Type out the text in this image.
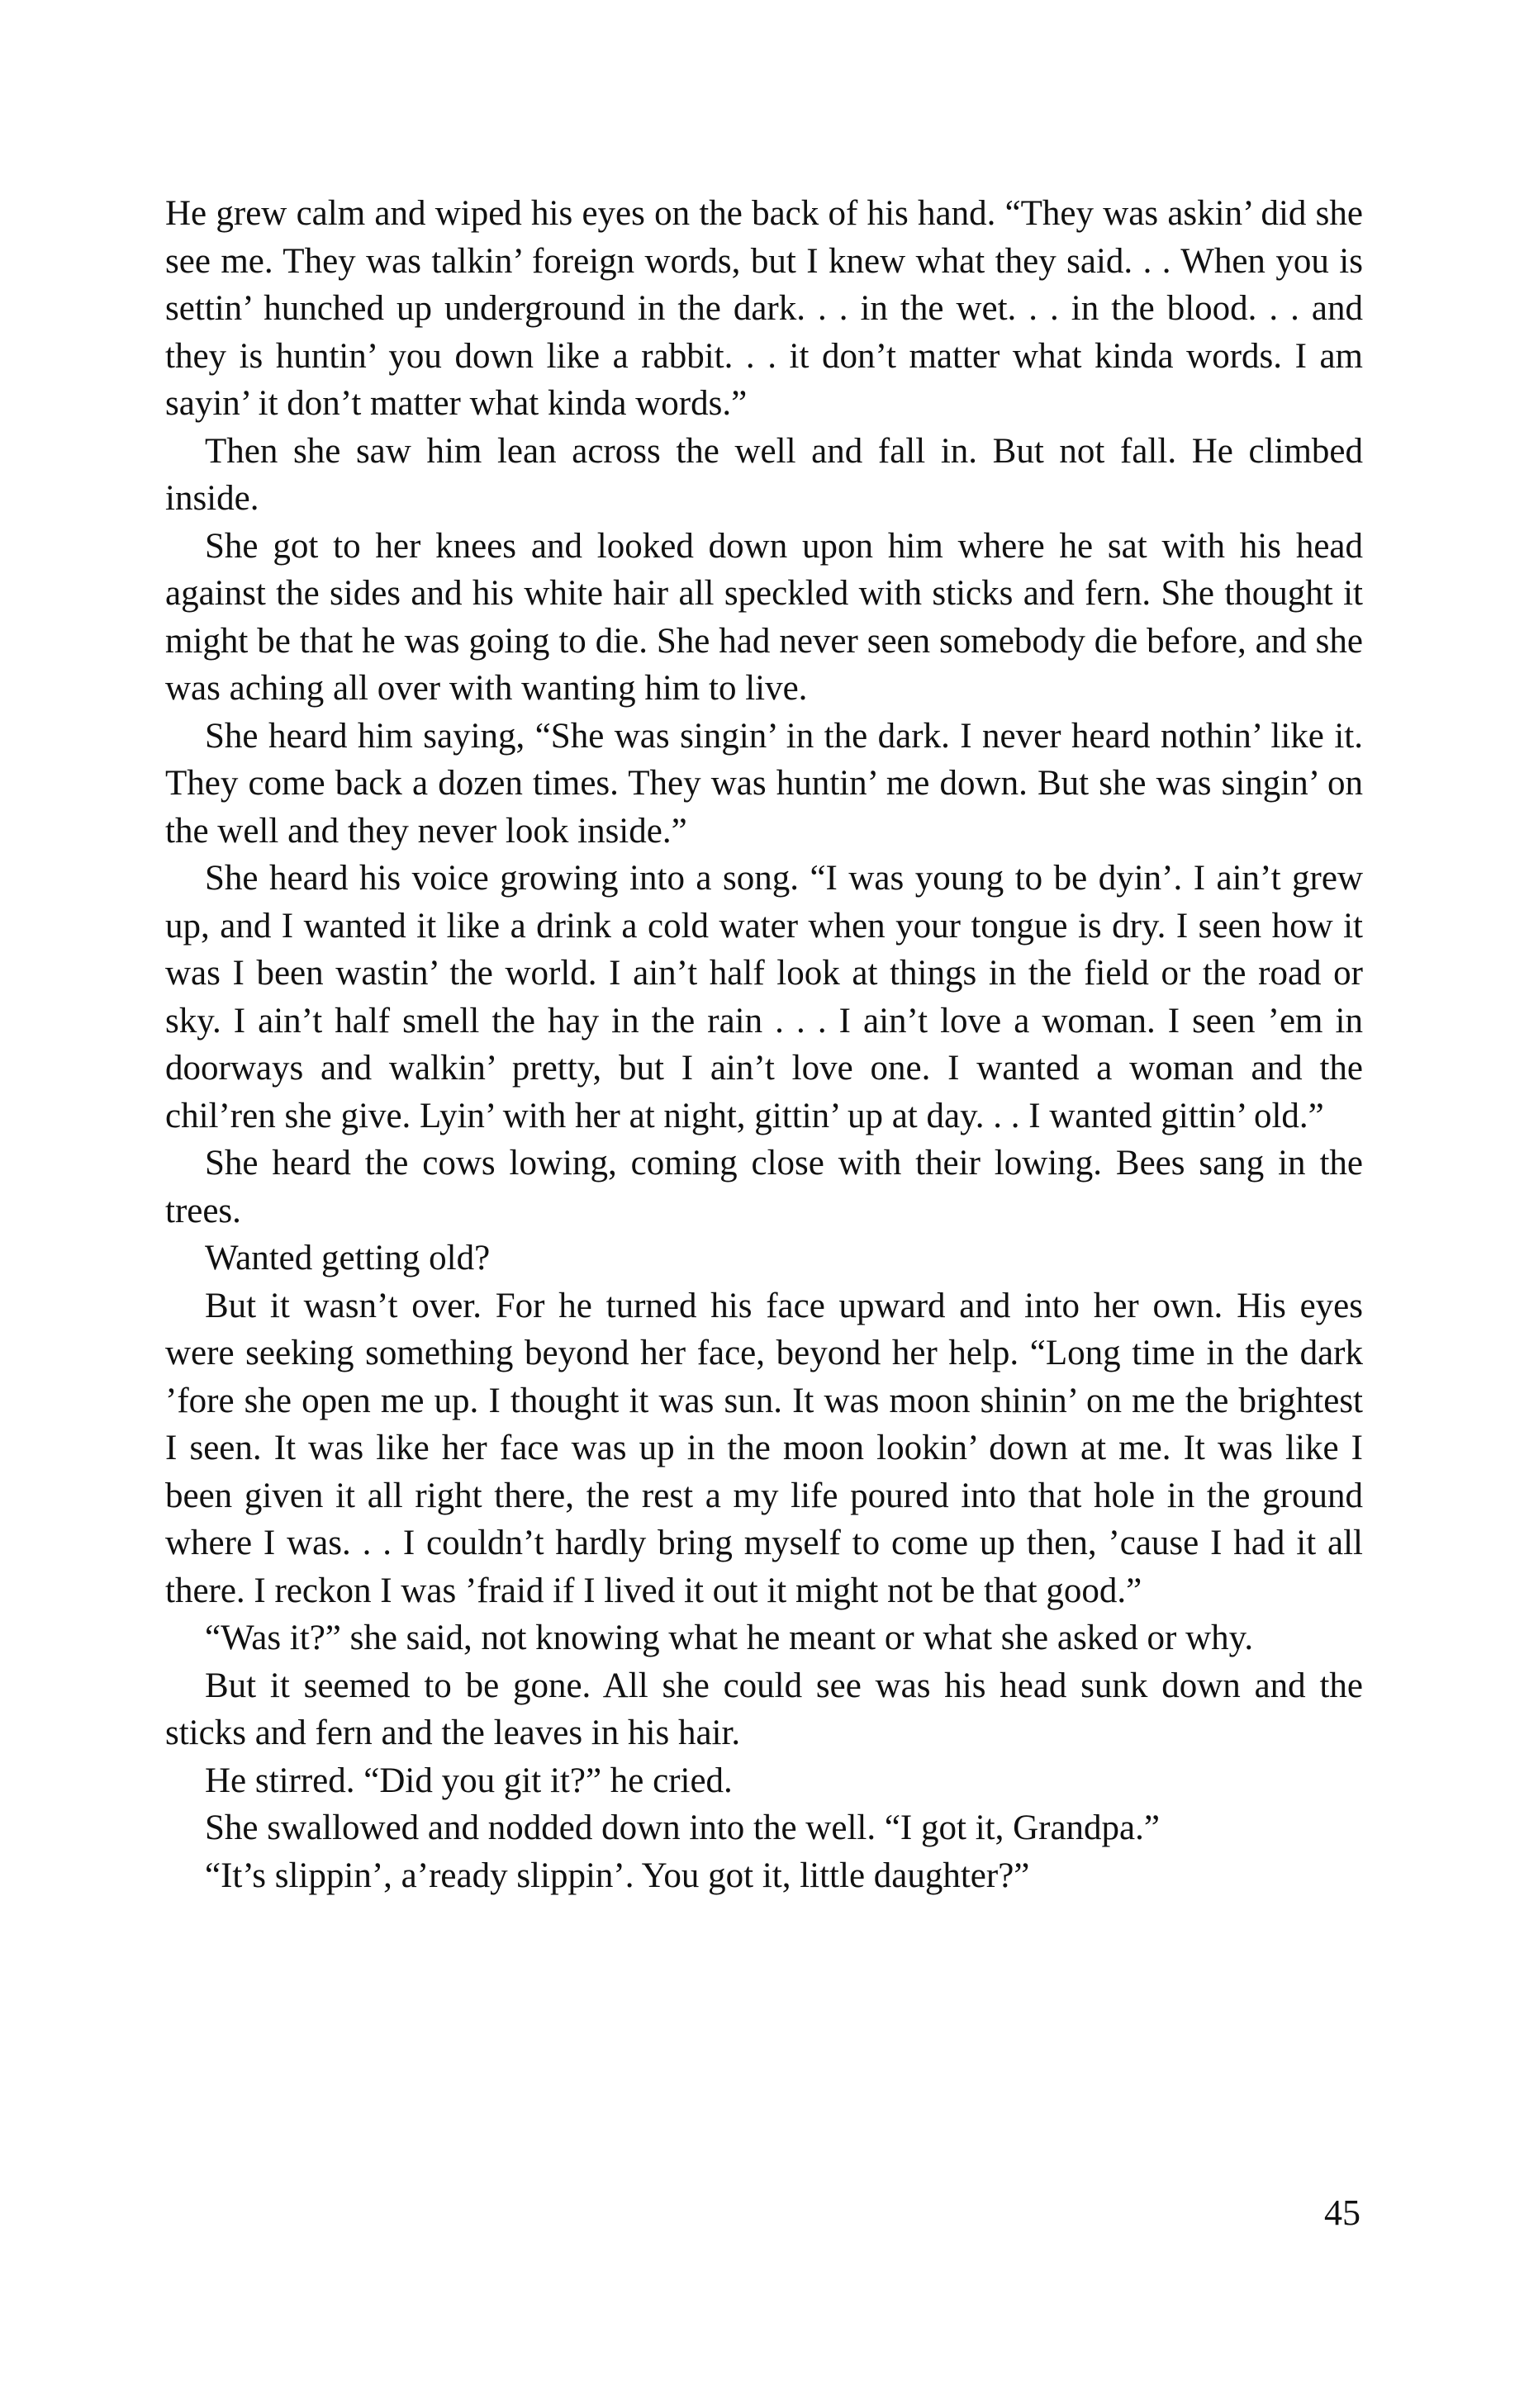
He grew calm and wiped his eyes on the back of his hand. “They was askin’ did she see me. They was talkin’ foreign words, but I knew what they said. . . When you is settin’ hunched up underground in the dark. . . in the wet. . . in the blood. . . and they is huntin’ you down like a rabbit. . . it don’t matter what kinda words. I am sayin’ it don’t matter what kinda words.”

Then she saw him lean across the well and fall in. But not fall. He climbed inside.

She got to her knees and looked down upon him where he sat with his head against the sides and his white hair all speckled with sticks and fern. She thought it might be that he was going to die. She had never seen somebody die before, and she was aching all over with wanting him to live.

She heard him saying, “She was singin’ in the dark. I never heard nothin’ like it. They come back a dozen times. They was huntin’ me down. But she was singin’ on the well and they never look inside.”

She heard his voice growing into a song. “I was young to be dyin’. I ain’t grew up, and I wanted it like a drink a cold water when your tongue is dry. I seen how it was I been wastin’ the world. I ain’t half look at things in the field or the road or sky. I ain’t half smell the hay in the rain . . . I ain’t love a woman. I seen ’em in doorways and walkin’ pretty, but I ain’t love one. I wanted a woman and the chil’ren she give. Lyin’ with her at night, gittin’ up at day. . . I wanted gittin’ old.”

She heard the cows lowing, coming close with their lowing. Bees sang in the trees.

Wanted getting old?

But it wasn’t over. For he turned his face upward and into her own. His eyes were seeking something beyond her face, beyond her help. “Long time in the dark ’fore she open me up. I thought it was sun. It was moon shinin’ on me the brightest I seen. It was like her face was up in the moon lookin’ down at me. It was like I been given it all right there, the rest a my life poured into that hole in the ground where I was. . . I couldn’t hardly bring myself to come up then, ’cause I had it all there. I reckon I was ’fraid if I lived it out it might not be that good.”

“Was it?” she said, not knowing what he meant or what she asked or why.

But it seemed to be gone. All she could see was his head sunk down and the sticks and fern and the leaves in his hair.

He stirred. “Did you git it?” he cried.

She swallowed and nodded down into the well. “I got it, Grandpa.”

“It’s slippin’, a’ready slippin’. You got it, little daughter?”

45
